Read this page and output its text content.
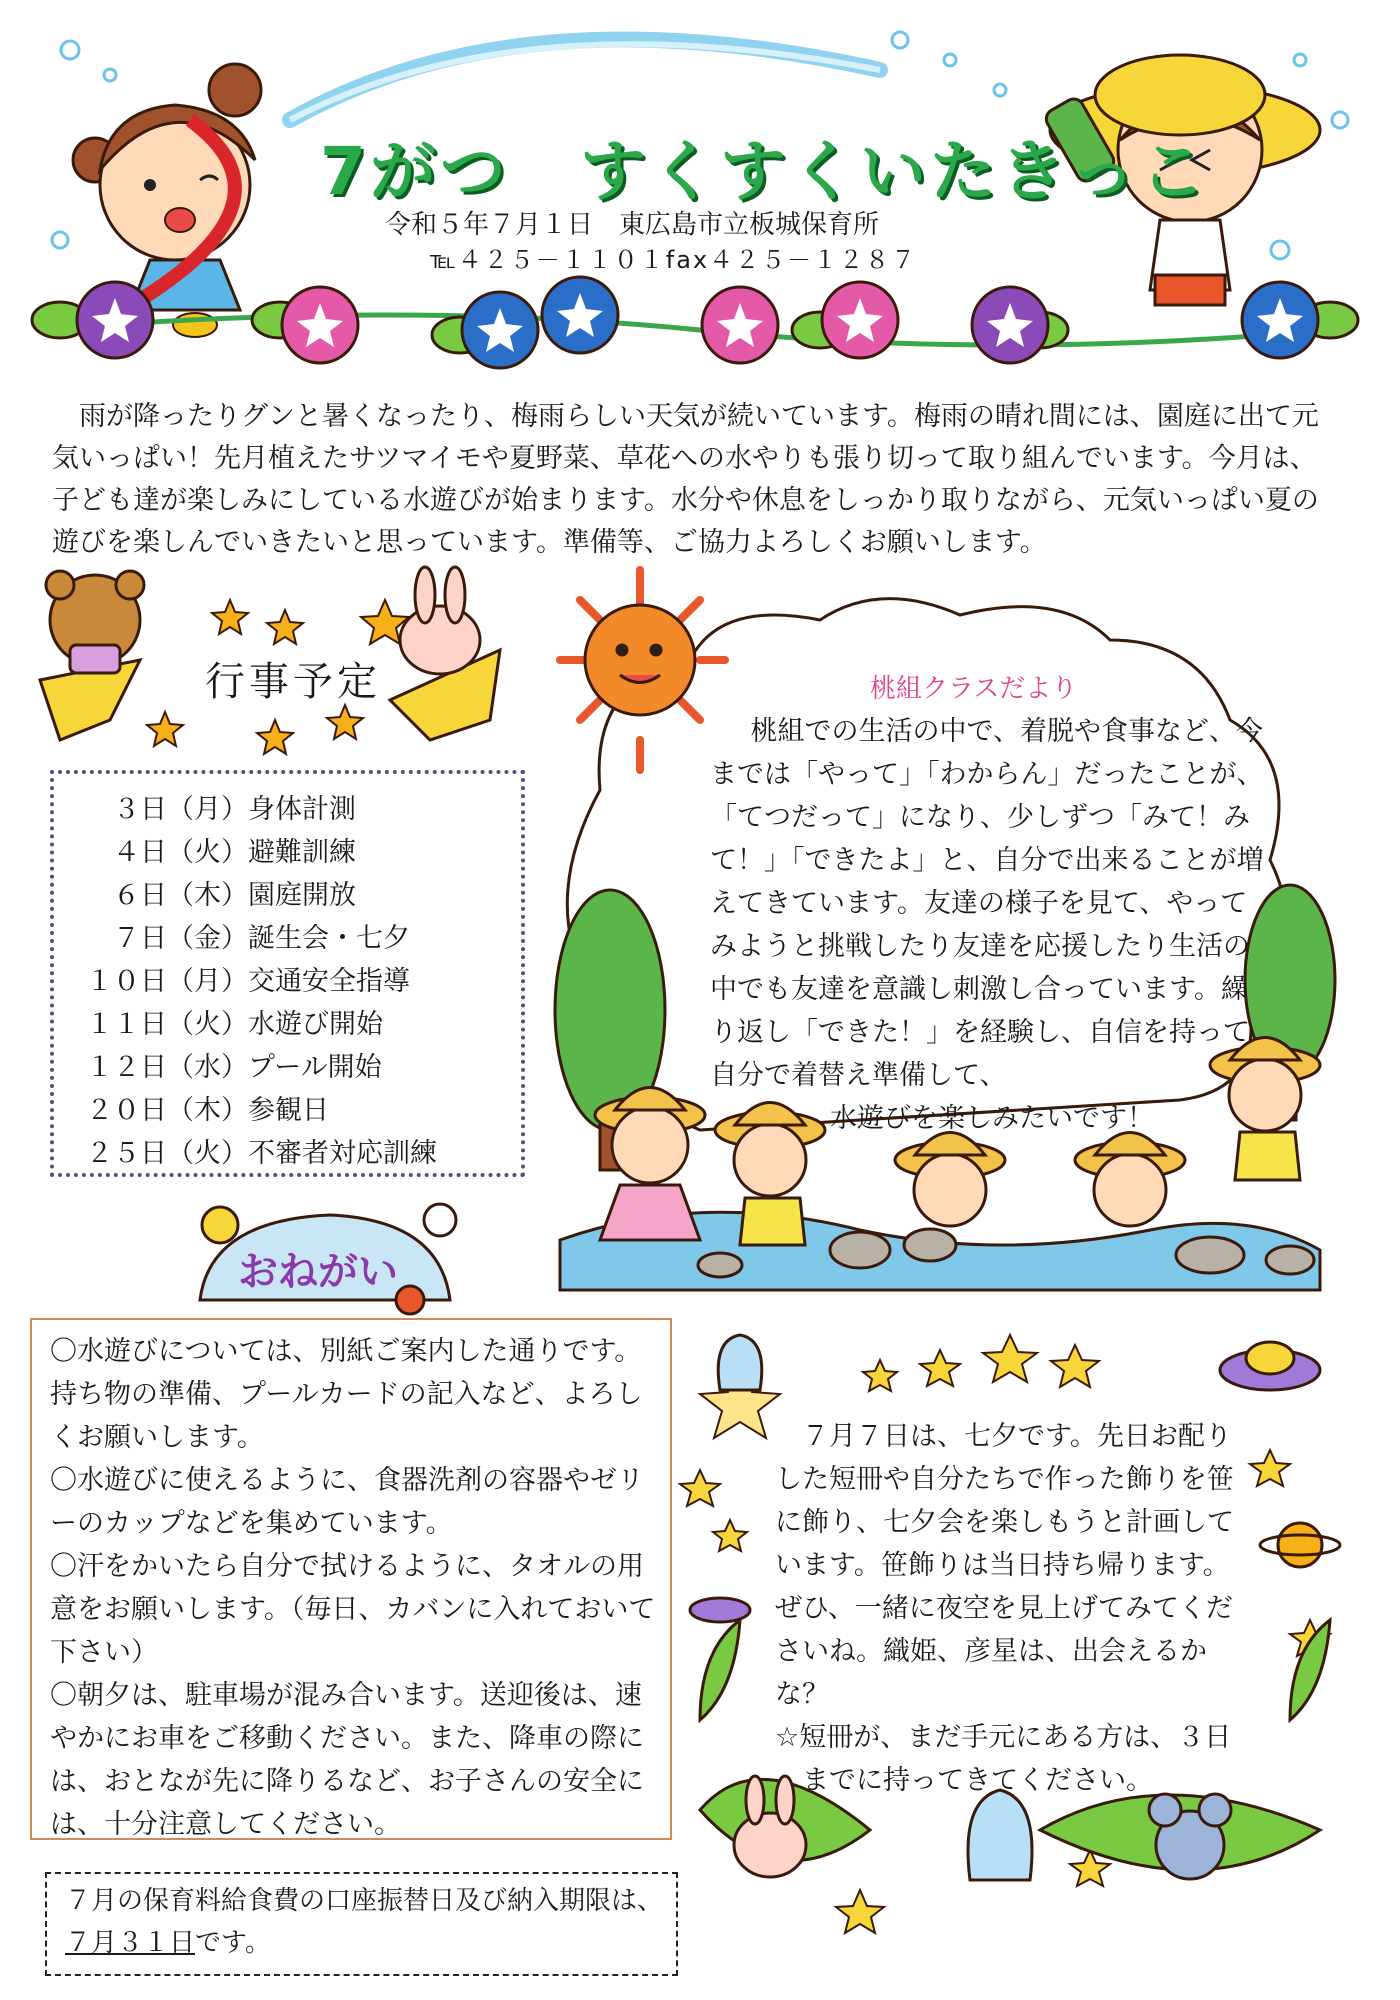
7がつ　すくすくいたきっこ
令和５年７月１日　東広島市立板城保育所
℡４２５－１１０１fax４２５－１２８７

雨が降ったりグンと暑くなったり、梅雨らしい天気が続いています。梅雨の晴れ間には、園庭に出て元気いっぱい！先月植えたサツマイモや夏野菜、草花への水やりも張り切って取り組んでいます。今月は、子ども達が楽しみにしている水遊びが始まります。水分や休息をしっかり取りながら、元気いっぱい夏の遊びを楽しんでいきたいと思っています。準備等、ご協力よろしくお願いします。

行事予定
３日（月）身体計測
４日（火）避難訓練
６日（木）園庭開放
７日（金）誕生会・七夕
１０日（月）交通安全指導
１１日（火）水遊び開始
１２日（水）プール開始
２０日（木）参観日
２５日（火）不審者対応訓練
桃組クラスだより

桃組での生活の中で、着脱や食事など、今までは「やって」「わからん」だったことが、「てつだって」になり、少しずつ「みて！みて！」「できたよ」と、自分で出来ることが増えてきています。友達の様子を見て、やってみようと挑戦したり友達を応援したり生活の中でも友達を意識し刺激し合っています。繰り返し「できた！」を経験し、自信を持って自分で着替え準備して、

水遊びを楽しみたいです！

おねがい

〇水遊びについては、別紙ご案内した通りです。持ち物の準備、プールカードの記入など、よろしくお願いします。

〇水遊びに使えるように、食器洗剤の容器やゼリーのカップなどを集めています。

〇汗をかいたら自分で拭けるように、タオルの用意をお願いします。（毎日、カバンに入れておいて下さい）

〇朝夕は、駐車場が混み合います。送迎後は、速やかにお車をご移動ください。また、降車の際には、おとなが先に降りるなど、お子さんの安全には、十分注意してください。

　７月７日は、七夕です。先日お配りした短冊や自分たちで作った飾りを笹に飾り、七夕会を楽しもうと計画しています。笹飾りは当日持ち帰ります。ぜひ、一緒に夜空を見上げてみてくださいね。織姫、彦星は、出会えるかな？

☆短冊が、まだ手元にある方は、３日までに持ってきてください。

７月の保育料給食費の口座振替日及び納入期限は、
７月３１日です。
